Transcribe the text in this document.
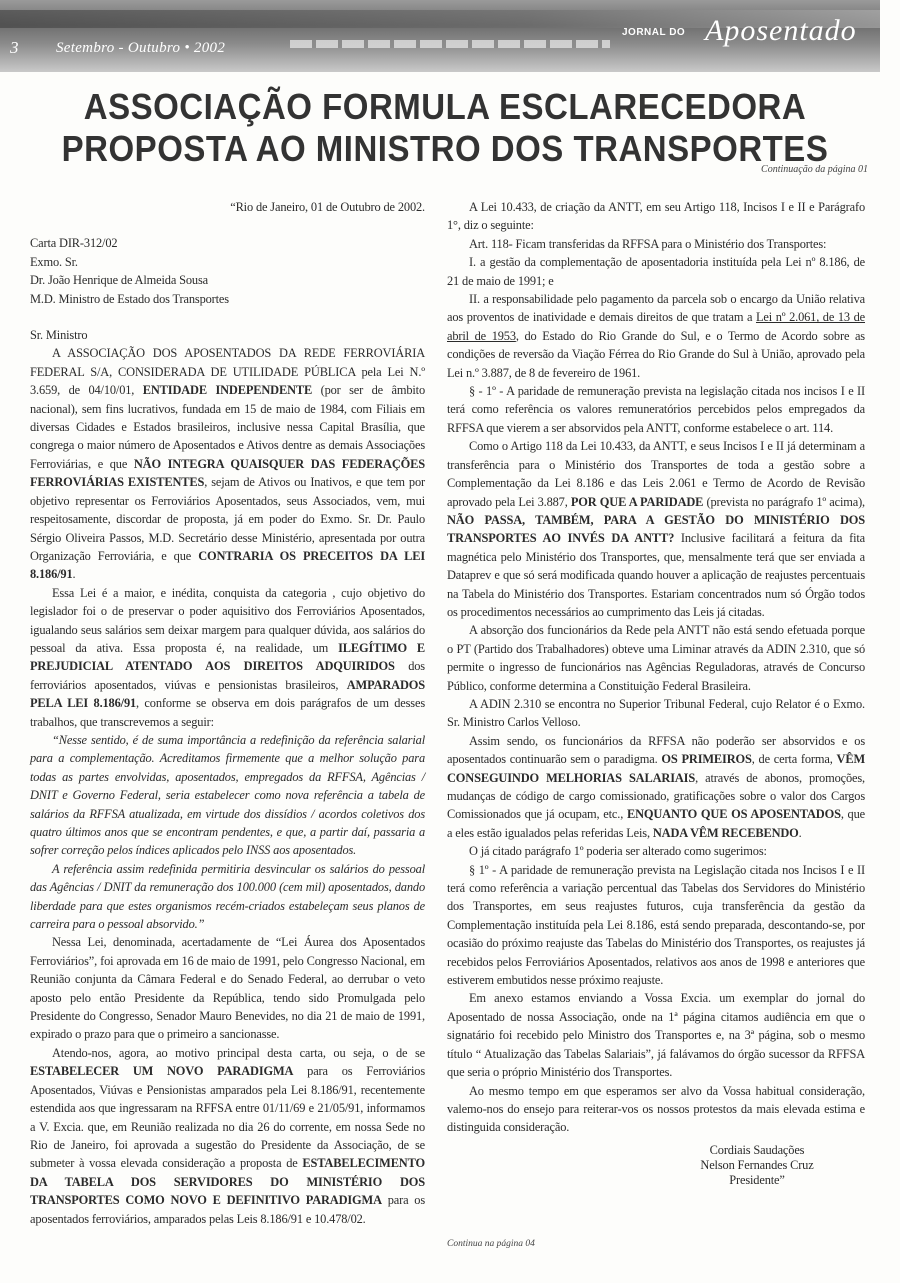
3	Setembro - Outubro • 2002
JORNAL DO Aposentado
ASSOCIAÇÃO FORMULA ESCLARECEDORA
PROPOSTA AO MINISTRO DOS TRANSPORTES
Continuação da página 01

“Rio de Janeiro, 01 de Outubro de 2002.

Carta DIR-312/02

Exmo. Sr.

Dr. João Henrique de Almeida Sousa

M.D. Ministro de Estado dos Transportes

Sr. Ministro

A ASSOCIAÇÃO DOS APOSENTADOS DA REDE FERROVIÁRIA FEDERAL S/A, CONSIDERADA DE UTILIDADE PÚBLICA pela Lei N.º 3.659, de 04/10/01, ENTIDADE INDEPENDENTE (por ser de âmbito nacional), sem fins lucrativos, fundada em 15 de maio de 1984, com Filiais em diversas Cidades e Estados brasileiros, inclusive nessa Capital Brasília, que congrega o maior número de Aposentados e Ativos dentre as demais Associações Ferroviárias, e que NÃO INTEGRA QUAISQUER DAS FEDERAÇÕES FERROVIÁRIAS EXISTENTES, sejam de Ativos ou Inativos, e que tem por objetivo representar os Ferroviários Aposentados, seus Associados, vem, mui respeitosamente, discordar de proposta, já em poder do Exmo. Sr. Dr. Paulo Sérgio Oliveira Passos, M.D. Secretário desse Ministério, apresentada por outra Organização Ferroviária, e que CONTRARIA OS PRECEITOS DA LEI 8.186/91.

Essa Lei é a maior, e inédita, conquista da categoria , cujo objetivo do legislador foi o de preservar o poder aquisitivo dos Ferroviários Aposentados, igualando seus salários sem deixar margem para qualquer dúvida, aos salários do pessoal da ativa. Essa proposta é, na realidade, um ILEGÍTIMO E PREJUDICIAL ATENTADO AOS DIREITOS ADQUIRIDOS dos ferroviários aposentados, viúvas e pensionistas brasileiros, AMPARADOS PELA LEI 8.186/91, conforme se observa em dois parágrafos de um desses trabalhos, que transcrevemos a seguir:

“Nesse sentido, é de suma importância a redefinição da referência salarial para a complementação. Acreditamos firmemente que a melhor solução para todas as partes envolvidas, aposentados, empregados da RFFSA, Agências / DNIT e Governo Federal, seria estabelecer como nova referência a tabela de salários da RFFSA atualizada, em virtude dos dissídios / acordos coletivos dos quatro últimos anos que se encontram pendentes, e que, a partir daí, passaria a sofrer correção pelos índices aplicados pelo INSS aos aposentados.

A referência assim redefinida permitiria desvincular os salários do pessoal das Agências / DNIT da remuneração dos 100.000 (cem mil) aposentados, dando liberdade para que estes organismos recém-criados estabeleçam seus planos de carreira para o pessoal absorvido.”

Nessa Lei, denominada, acertadamente de “Lei Áurea dos Aposentados Ferroviários”, foi aprovada em 16 de maio de 1991, pelo Congresso Nacional, em Reunião conjunta da Câmara Federal e do Senado Federal, ao derrubar o veto aposto pelo então Presidente da República, tendo sido Promulgada pelo Presidente do Congresso, Senador Mauro Benevides, no dia 21 de maio de 1991, expirado o prazo para que o primeiro a sancionasse.

Atendo-nos, agora, ao motivo principal desta carta, ou seja, o de se ESTABELECER UM NOVO PARADIGMA para os Ferroviários Aposentados, Viúvas e Pensionistas amparados pela Lei 8.186/91, recentemente estendida aos que ingressaram na RFFSA entre 01/11/69 e 21/05/91, informamos a V. Excia. que, em Reunião realizada no dia 26 do corrente, em nossa Sede no Rio de Janeiro, foi aprovada a sugestão do Presidente da Associação, de se submeter à vossa elevada consideração a proposta de ESTABELECIMENTO DA TABELA DOS SERVIDORES DO MINISTÉRIO DOS TRANSPORTES COMO NOVO E DEFINITIVO PARADIGMA para os aposentados ferroviários, amparados pelas Leis 8.186/91 e 10.478/02.

A Lei 10.433, de criação da ANTT, em seu Artigo 118, Incisos I e II e Parágrafo 1°, diz o seguinte:

Art. 118- Ficam transferidas da RFFSA para o Ministério dos Transportes:

I. a gestão da complementação de aposentadoria instituída pela Lei nº 8.186, de 21 de maio de 1991; e

II. a responsabilidade pelo pagamento da parcela sob o encargo da União relativa aos proventos de inatividade e demais direitos de que tratam a Lei nº 2.061, de 13 de abril de 1953, do Estado do Rio Grande do Sul, e o Termo de Acordo sobre as condições de reversão da Viação Férrea do Rio Grande do Sul à União, aprovado pela Lei n.º 3.887, de 8 de fevereiro de 1961.

§ - 1º - A paridade de remuneração prevista na legislação citada nos incisos I e II terá como referência os valores remuneratórios percebidos pelos empregados da RFFSA que vierem a ser absorvidos pela ANTT, conforme estabelece o art. 114.

Como o Artigo 118 da Lei 10.433, da ANTT, e seus Incisos I e II já determinam a transferência para o Ministério dos Transportes de toda a gestão sobre a Complementação da Lei 8.186 e das Leis 2.061 e Termo de Acordo de Revisão aprovado pela Lei 3.887, POR QUE A PARIDADE (prevista no parágrafo 1º acima), NÃO PASSA, TAMBÉM, PARA A GESTÃO DO MINISTÉRIO DOS TRANSPORTES AO INVÉS DA ANTT? Inclusive facilitará a feitura da fita magnética pelo Ministério dos Transportes, que, mensalmente terá que ser enviada a Dataprev e que só será modificada quando houver a aplicação de reajustes percentuais na Tabela do Ministério dos Transportes. Estariam concentrados num só Órgão todos os procedimentos necessários ao cumprimento das Leis já citadas.

A absorção dos funcionários da Rede pela ANTT não está sendo efetuada porque o PT (Partido dos Trabalhadores) obteve uma Liminar através da ADIN 2.310, que só permite o ingresso de funcionários nas Agências Reguladoras, através de Concurso Público, conforme determina a Constituição Federal Brasileira.

A ADIN 2.310 se encontra no Superior Tribunal Federal, cujo Relator é o Exmo. Sr. Ministro Carlos Velloso.

Assim sendo, os funcionários da RFFSA não poderão ser absorvidos e os aposentados continuarão sem o paradigma. OS PRIMEIROS, de certa forma, VÊM CONSEGUINDO MELHORIAS SALARIAIS, através de abonos, promoções, mudanças de código de cargo comissionado, gratificações sobre o valor dos Cargos Comissionados que já ocupam, etc., ENQUANTO QUE OS APOSENTADOS, que a eles estão igualados pelas referidas Leis, NADA VÊM RECEBENDO.

O já citado parágrafo 1º poderia ser alterado como sugerimos:

§ 1º - A paridade de remuneração prevista na Legislação citada nos Incisos I e II terá como referência a variação percentual das Tabelas dos Servidores do Ministério dos Transportes, em seus reajustes futuros, cuja transferência da gestão da Complementação instituída pela Lei 8.186, está sendo preparada, descontando-se, por ocasião do próximo reajuste das Tabelas do Ministério dos Transportes, os reajustes já recebidos pelos Ferroviários Aposentados, relativos aos anos de 1998 e anteriores que estiverem embutidos nesse próximo reajuste.

Em anexo estamos enviando a Vossa Excia. um exemplar do jornal do Aposentado de nossa Associação, onde na 1ª página citamos audiência em que o signatário foi recebido pelo Ministro dos Transportes e, na 3ª página, sob o mesmo título “ Atualização das Tabelas Salariais”, já falávamos do órgão sucessor da RFFSA que seria o próprio Ministério dos Transportes.

Ao mesmo tempo em que esperamos ser alvo da Vossa habitual consideração, valemo-nos do ensejo para reiterar-vos os nossos protestos da mais elevada estima e distinguida consideração.

Cordiais Saudações

Nelson Fernandes Cruz

Presidente”

Continua na página 04
